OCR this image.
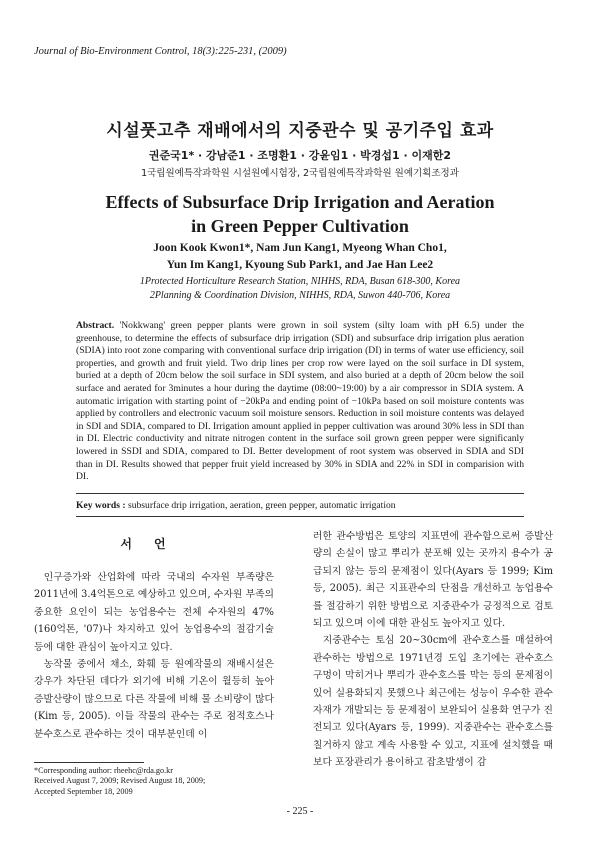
Journal of Bio-Environment Control, 18(3):225-231, (2009)
시설풋고추 재배에서의 지중관수 및 공기주입 효과
권준국1* · 강남준1 · 조명환1 · 강윤임1 · 박경섭1 · 이재한2
1국립원예특작과학원 시설원예시험장, 2국립원예특작과학원 원예기획조정과
Effects of Subsurface Drip Irrigation and Aeration
in Green Pepper Cultivation
Joon Kook Kwon1*, Nam Jun Kang1, Myeong Whan Cho1,
Yun Im Kang1, Kyoung Sub Park1, and Jae Han Lee2
1Protected Horticulture Research Station, NIHHS, RDA, Busan 618-300, Korea
2Planning & Coordination Division, NIHHS, RDA, Suwon 440-706, Korea
Abstract. 'Nokkwang' green pepper plants were grown in soil system (silty loam with pH 6.5) under the greenhouse, to determine the effects of subsurface drip irrigation (SDI) and subsurface drip irrigation plus aeration (SDIA) into root zone comparing with conventional surface drip irrigation (DI) in terms of water use efficiency, soil properties, and growth and fruit yield. Two drip lines per crop row were layed on the soil surface in DI system, buried at a depth of 20cm below the soil surface in SDI system, and also buried at a depth of 20cm below the soil surface and aerated for 3minutes a hour during the daytime (08:00~19:00) by a air compressor in SDIA system. A automatic irrigation with starting point of −20kPa and ending point of −10kPa based on soil moisture contents was applied by controllers and electronic vacuum soil moisture sensors. Reduction in soil moisture contents was delayed in SDI and SDIA, compared to DI. Irrigation amount applied in pepper cultivation was around 30% less in SDI than in DI. Electric conductivity and nitrate nitrogen content in the surface soil grown green pepper were significanly lowered in SSDI and SDIA, compared to DI. Better development of root system was observed in SDIA and SDI than in DI. Results showed that pepper fruit yield increased by 30% in SDIA and 22% in SDI in comparision with DI.
Key words : subsurface drip irrigation, aeration, green pepper, automatic irrigation
서언

인구증가와 산업화에 따라 국내의 수자원 부족량은 2011년에 3.4억톤으로 예상하고 있으며, 수자원 부족의 중요한 요인이 되는 농업용수는 전체 수자원의 47%(160억톤, '07)나 차지하고 있어 농업용수의 절감기술 등에 대한 관심이 높아지고 있다.

농작물 중에서 채소, 화훼 등 원예작물의 재배시설은 강우가 차단된 데다가 외기에 비해 기온이 월등히 높아 증발산량이 많으므로 다른 작물에 비해 물 소비량이 많다(Kim 등, 2005). 이들 작물의 관수는 주로 점적호스나 분수호스로 관수하는 것이 대부분인데 이

러한 관수방법은 토양의 지표면에 관수함으로써 증발산량의 손실이 많고 뿌리가 분포해 있는 곳까지 용수가 공급되지 않는 등의 문제점이 있다(Ayars 등 1999; Kim 등, 2005). 최근 지표관수의 단점을 개선하고 농업용수를 절감하기 위한 방법으로 지중관수가 긍정적으로 검토되고 있으며 이에 대한 관심도 높아지고 있다.

지중관수는 토심 20~30cm에 관수호스를 매설하여 관수하는 방법으로 1971년경 도입 초기에는 관수호스 구멍이 막히거나 뿌리가 관수호스를 막는 등의 문제점이 있어 실용화되지 못했으나 최근에는 성능이 우수한 관수자재가 개발되는 등 문제점이 보완되어 실용화 연구가 진전되고 있다(Ayars 등, 1999). 지중관수는 관수호스를 칠거하지 않고 계속 사용할 수 있고, 지표에 설치했을 때보다 포장관리가 용이하고 잡초발생이 감

*Corresponding author: rheehc@rda.go.kr
Received August 7, 2009; Revised August 18, 2009;
Accepted September 18, 2009
- 225 -
